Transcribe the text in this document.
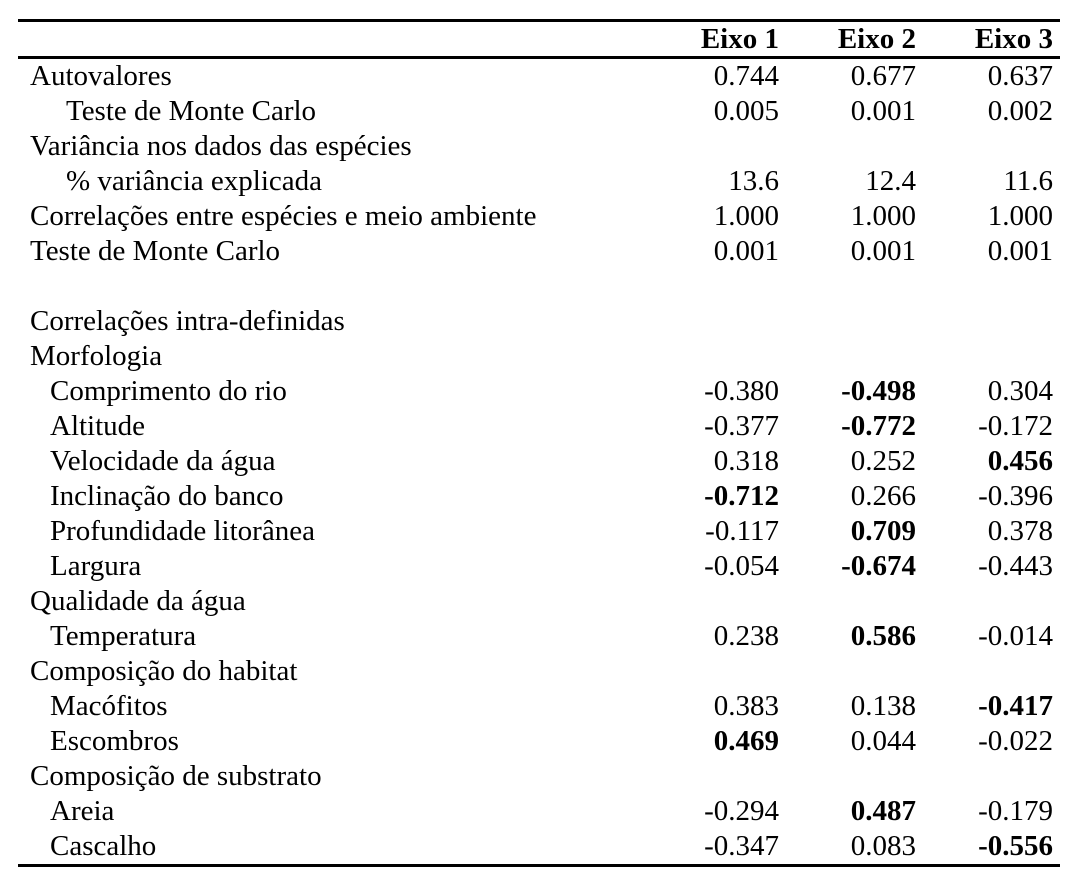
Eixo 1	Eixo 2	Eixo 3
Autovalores	0.744	0.677	0.637
Teste de Monte Carlo	0.005	0.001	0.002
Variância nos dados das espécies
% variância explicada	13.6	12.4	11.6
Correlações entre espécies e meio ambiente	1.000	1.000	1.000
Teste de Monte Carlo	0.001	0.001	0.001
Correlações intra-definidas
Morfologia
Comprimento do rio	-0.380	-0.498	0.304
Altitude	-0.377	-0.772	-0.172
Velocidade da água	0.318	0.252	0.456
Inclinação do banco	-0.712	0.266	-0.396
Profundidade litorânea	-0.117	0.709	0.378
Largura	-0.054	-0.674	-0.443
Qualidade da água
Temperatura	0.238	0.586	-0.014
Composição do habitat
Macófitos	0.383	0.138	-0.417
Escombros	0.469	0.044	-0.022
Composição de substrato
Areia	-0.294	0.487	-0.179
Cascalho	-0.347	0.083	-0.556
